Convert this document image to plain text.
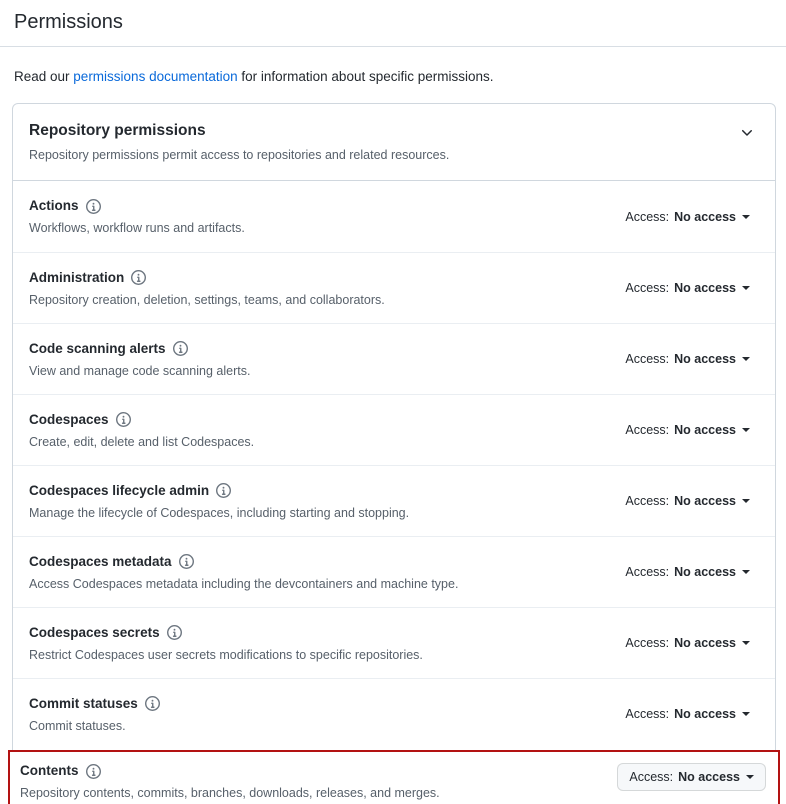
Permissions
Read our permissions documentation for information about specific permissions.
Repository permissions
Repository permissions permit access to repositories and related resources.
Actions
Workflows, workflow runs and artifacts.
Access: No access
Administration
Repository creation, deletion, settings, teams, and collaborators.
Access: No access
Code scanning alerts
View and manage code scanning alerts.
Access: No access
Codespaces
Create, edit, delete and list Codespaces.
Access: No access
Codespaces lifecycle admin
Manage the lifecycle of Codespaces, including starting and stopping.
Access: No access
Codespaces metadata
Access Codespaces metadata including the devcontainers and machine type.
Access: No access
Codespaces secrets
Restrict Codespaces user secrets modifications to specific repositories.
Access: No access
Commit statuses
Commit statuses.
Access: No access
Contents
Repository contents, commits, branches, downloads, releases, and merges.
Access: No access
